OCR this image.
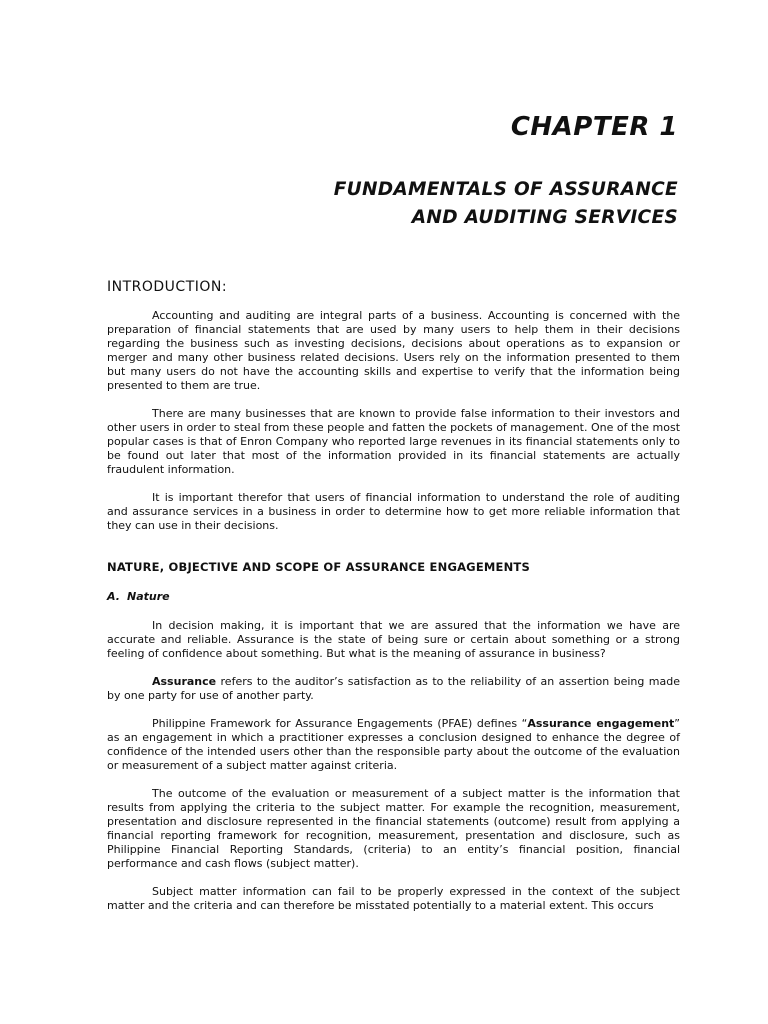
CHAPTER 1
FUNDAMENTALS OF ASSURANCE
AND AUDITING SERVICES
INTRODUCTION:

Accounting and auditing are integral parts of a business. Accounting is concerned with the preparation of financial statements that are used by many users to help them in their decisions regarding the business such as investing decisions, decisions about operations as to expansion or merger and many other business related decisions. Users rely on the information presented to them but many users do not have the accounting skills and expertise to verify that the information being presented to them are true.

There are many businesses that are known to provide false information to their investors and other users in order to steal from these people and fatten the pockets of management. One of the most popular cases is that of Enron Company who reported large revenues in its financial statements only to be found out later that most of the information provided in its financial statements are actually fraudulent information.

It is important therefor that users of financial information to understand the role of auditing and assurance services in a business in order to determine how to get more reliable information that they can use in their decisions.

NATURE, OBJECTIVE AND SCOPE OF ASSURANCE ENGAGEMENTS
A. Nature

In decision making, it is important that we are assured that the information we have are accurate and reliable. Assurance is the state of being sure or certain about something or a strong feeling of confidence about something. But what is the meaning of assurance in business?

Assurance refers to the auditor’s satisfaction as to the reliability of an assertion being made by one party for use of another party.

Philippine Framework for Assurance Engagements (PFAE) defines “Assurance engagement” as an engagement in which a practitioner expresses a conclusion designed to enhance the degree of confidence of the intended users other than the responsible party about the outcome of the evaluation or measurement of a subject matter against criteria.

The outcome of the evaluation or measurement of a subject matter is the information that results from applying the criteria to the subject matter. For example the recognition, measurement, presentation and disclosure represented in the financial statements (outcome) result from applying a financial reporting framework for recognition, measurement, presentation and disclosure, such as Philippine Financial Reporting Standards, (criteria) to an entity’s financial position, financial performance and cash flows (subject matter).

Subject matter information can fail to be properly expressed in the context of the subject matter and the criteria and can therefore be misstated potentially to a material extent. This occurs
